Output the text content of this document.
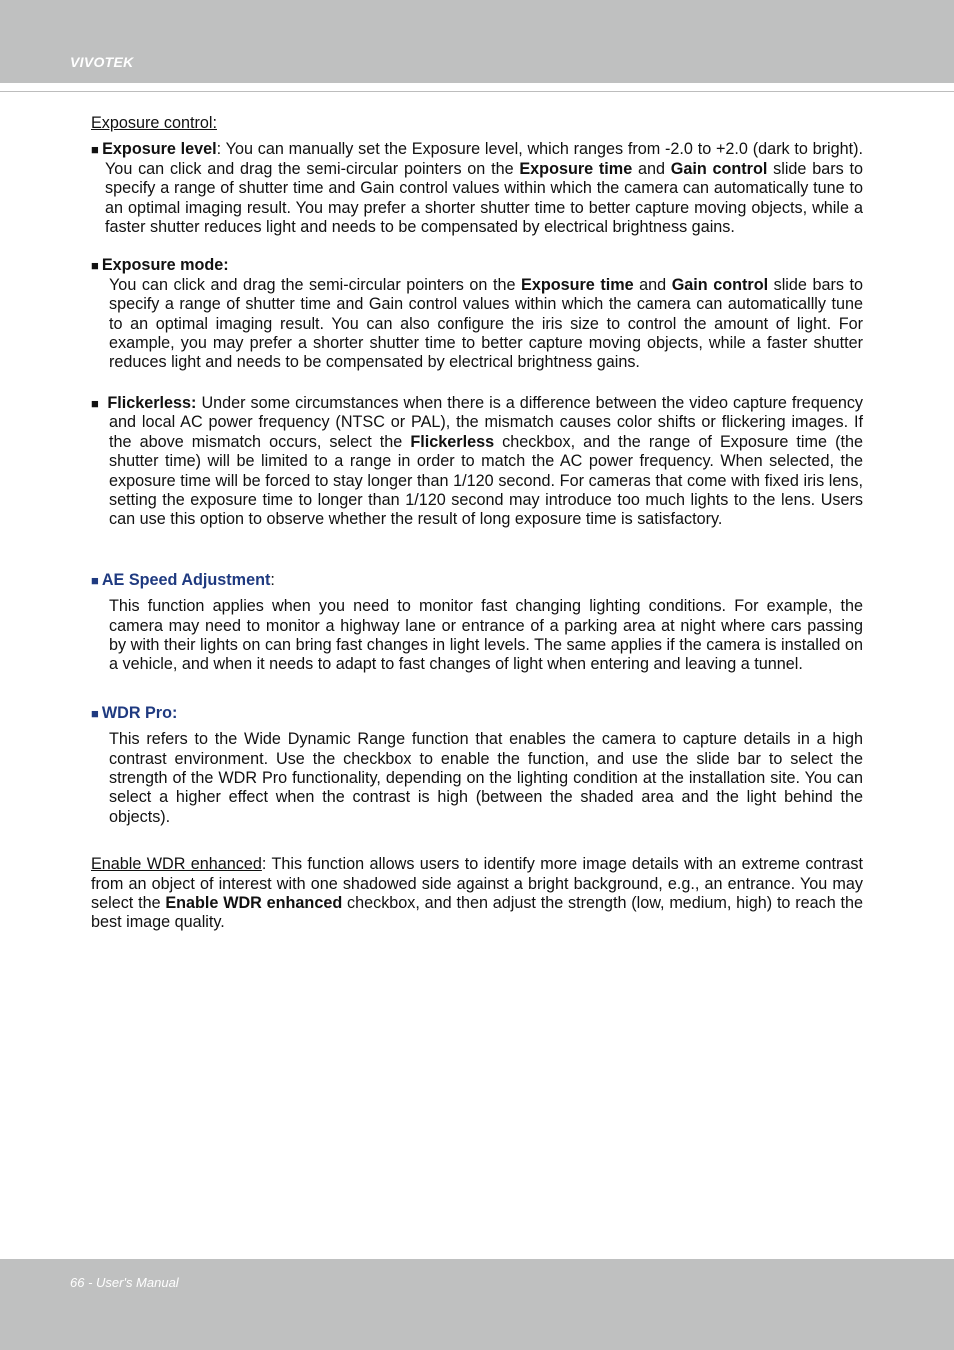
VIVOTEK

Exposure control:

■ Exposure level: You can manually set the Exposure level, which ranges from -2.0 to +2.0 (dark to bright). You can click and drag the semi-circular pointers on the Exposure time and Gain control slide bars to specify a range of shutter time and Gain control values within which the camera can automatically tune to an optimal imaging result. You may prefer a shorter shutter time to better capture moving objects, while a faster shutter reduces light and needs to be compensated by electrical brightness gains.

■ Exposure mode:

You can click and drag the semi-circular pointers on the Exposure time and Gain control slide bars to specify a range of shutter time and Gain control values within which the camera can automaticallly tune to an optimal imaging result. You can also configure the iris size to control the amount of light. For example, you may prefer a shorter shutter time to better capture moving objects, while a faster shutter reduces light and needs to be compensated by electrical brightness gains.

■ Flickerless: Under some circumstances when there is a difference between the video capture frequency and local AC power frequency (NTSC or PAL), the mismatch causes color shifts or flickering images. If the above mismatch occurs, select the Flickerless checkbox, and the range of Exposure time (the shutter time) will be limited to a range in order to match the AC power frequency. When selected, the exposure time will be forced to stay longer than 1/120 second. For cameras that come with fixed iris lens, setting the exposure time to longer than 1/120 second may introduce too much lights to the lens. Users can use this option to observe whether the result of long exposure time is satisfactory.

■ AE Speed Adjustment:

This function applies when you need to monitor fast changing lighting conditions. For example, the camera may need to monitor a highway lane or entrance of a parking area at night where cars passing by with their lights on can bring fast changes in light levels. The same applies if the camera is installed on a vehicle, and when it needs to adapt to fast changes of light when entering and leaving a tunnel.

■ WDR Pro:

This refers to the Wide Dynamic Range function that enables the camera to capture details in a high contrast environment. Use the checkbox to enable the function, and use the slide bar to select the strength of the WDR Pro functionality, depending on the lighting condition at the installation site. You can select a higher effect when the contrast is high (between the shaded area and the light behind the objects).

Enable WDR enhanced: This function allows users to identify more image details with an extreme contrast from an object of interest with one shadowed side against a bright background, e.g., an entrance. You may select the Enable WDR enhanced checkbox, and then adjust the strength (low, medium, high) to reach the best image quality.

66 - User's Manual
